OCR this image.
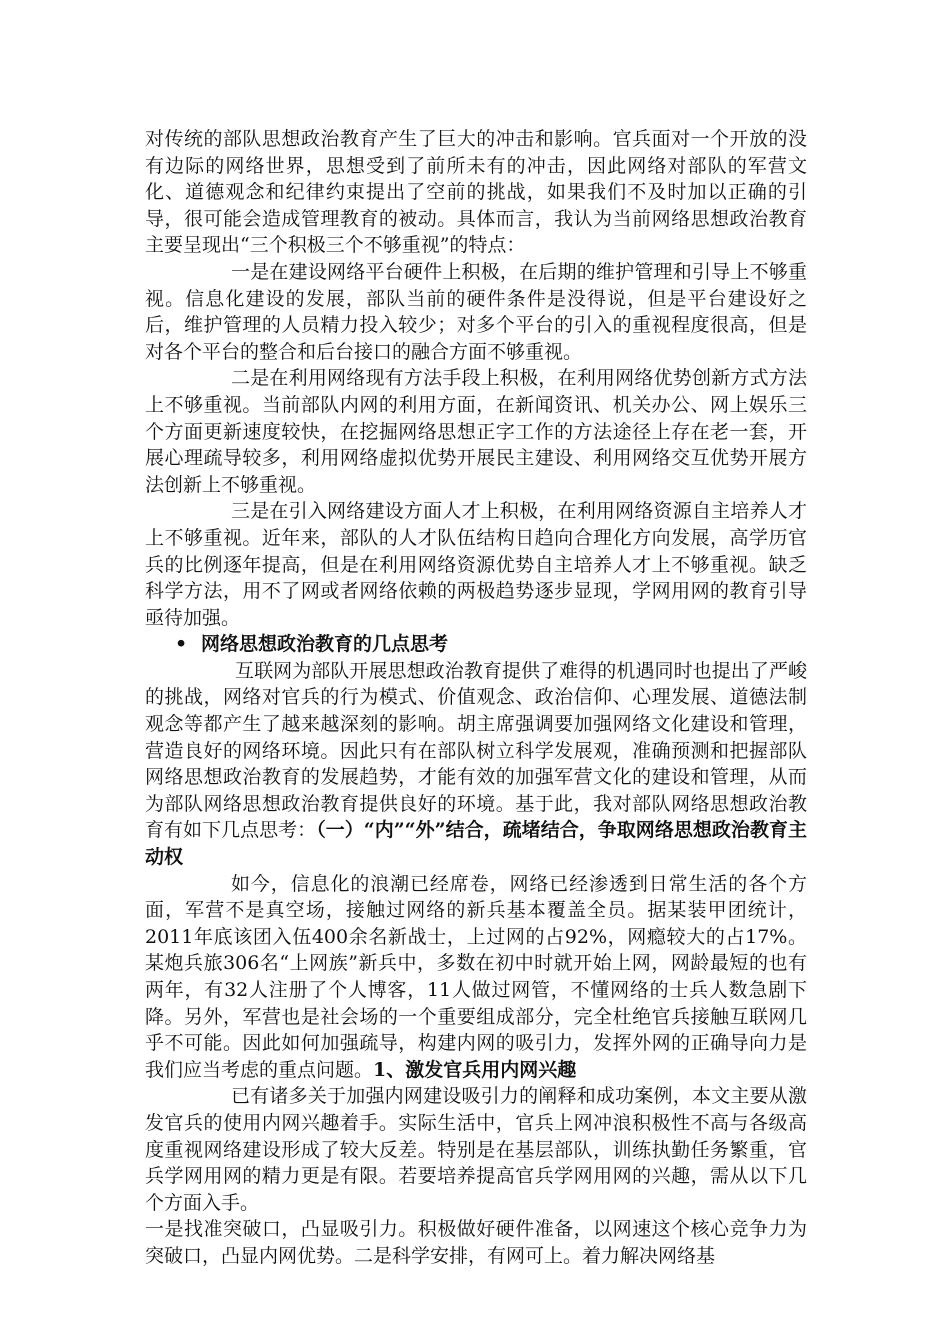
对传统的部队思想政治教育产生了巨大的冲击和影响。官兵面对一个开放的没有边际的网络世界，思想受到了前所未有的冲击，因此网络对部队的军营文化、道德观念和纪律约束提出了空前的挑战，如果我们不及时加以正确的引导，很可能会造成管理教育的被动。具体而言，我认为当前网络思想政治教育主要呈现出“三个积极三个不够重视”的特点：

一是在建设网络平台硬件上积极，在后期的维护管理和引导上不够重视。信息化建设的发展，部队当前的硬件条件是没得说，但是平台建设好之后，维护管理的人员精力投入较少；对多个平台的引入的重视程度很高，但是对各个平台的整合和后台接口的融合方面不够重视。

二是在利用网络现有方法手段上积极，在利用网络优势创新方式方法上不够重视。当前部队内网的利用方面，在新闻资讯、机关办公、网上娱乐三个方面更新速度较快，在挖掘网络思想正字工作的方法途径上存在老一套，开展心理疏导较多，利用网络虚拟优势开展民主建设、利用网络交互优势开展方法创新上不够重视。

三是在引入网络建设方面人才上积极，在利用网络资源自主培养人才上不够重视。近年来，部队的人才队伍结构日趋向合理化方向发展，高学历官兵的比例逐年提高，但是在利用网络资源优势自主培养人才上不够重视。缺乏科学方法，用不了网或者网络依赖的两极趋势逐步显现，学网用网的教育引导亟待加强。

• 网络思想政治教育的几点思考

互联网为部队开展思想政治教育提供了难得的机遇同时也提出了严峻的挑战，网络对官兵的行为模式、价值观念、政治信仰、心理发展、道德法制观念等都产生了越来越深刻的影响。胡主席强调要加强网络文化建设和管理，营造良好的网络环境。因此只有在部队树立科学发展观，准确预测和把握部队网络思想政治教育的发展趋势，才能有效的加强军营文化的建设和管理，从而为部队网络思想政治教育提供良好的环境。基于此，我对部队网络思想政治教育有如下几点思考：（一）“内”“外”结合，疏堵结合，争取网络思想政治教育主动权

如今，信息化的浪潮已经席卷，网络已经渗透到日常生活的各个方面，军营不是真空场，接触过网络的新兵基本覆盖全员。据某装甲团统计，2011年底该团入伍400余名新战士，上过网的占92%，网瘾较大的占17%。某炮兵旅306名“上网族”新兵中，多数在初中时就开始上网，网龄最短的也有两年，有32人注册了个人博客，11人做过网管，不懂网络的士兵人数急剧下降。另外，军营也是社会场的一个重要组成部分，完全杜绝官兵接触互联网几乎不可能。因此如何加强疏导，构建内网的吸引力，发挥外网的正确导向力是我们应当考虑的重点问题。1、激发官兵用内网兴趣

已有诸多关于加强内网建设吸引力的阐释和成功案例，本文主要从激发官兵的使用内网兴趣着手。实际生活中，官兵上网冲浪积极性不高与各级高度重视网络建设形成了较大反差。特别是在基层部队，训练执勤任务繁重，官兵学网用网的精力更是有限。若要培养提高官兵学网用网的兴趣，需从以下几个方面入手。

一是找准突破口，凸显吸引力。积极做好硬件准备，以网速这个核心竞争力为突破口，凸显内网优势。二是科学安排，有网可上。着力解决网络基
